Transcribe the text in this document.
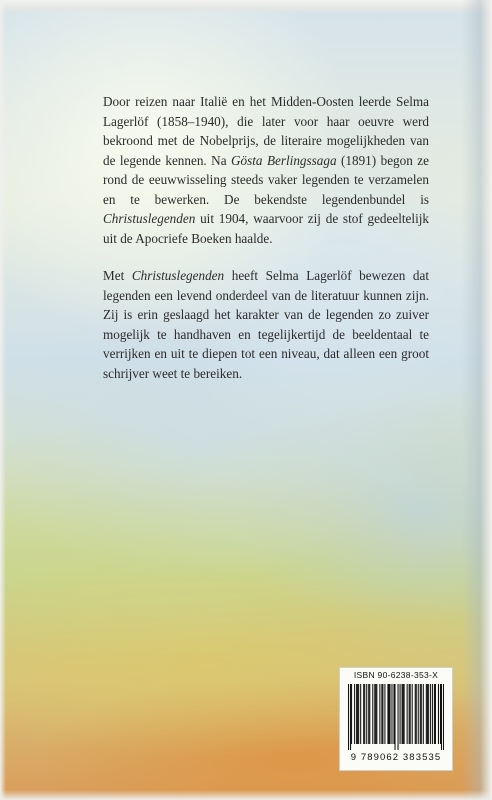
Door reizen naar Italië en het Midden-Oosten leerde Selma Lagerlöf (1858–1940), die later voor haar oeuvre werd bekroond met de Nobelprijs, de literaire mogelijkheden van de legende kennen. Na Gösta Berlingssaga (1891) begon ze rond de eeuwwisseling steeds vaker legenden te verzamelen en te bewerken. De bekendste legendenbundel is Christuslegenden uit 1904, waarvoor zij de stof gedeeltelijk uit de Apocriefe Boeken haalde.

Met Christuslegenden heeft Selma Lagerlöf bewezen dat legenden een levend onderdeel van de literatuur kunnen zijn. Zij is erin geslaagd het karakter van de legenden zo zuiver mogelijk te handhaven en tegelijkertijd de beeldentaal te verrijken en uit te diepen tot een niveau, dat alleen een groot schrijver weet te bereiken.

ISBN 90-6238-353-X
9 789062 383535
